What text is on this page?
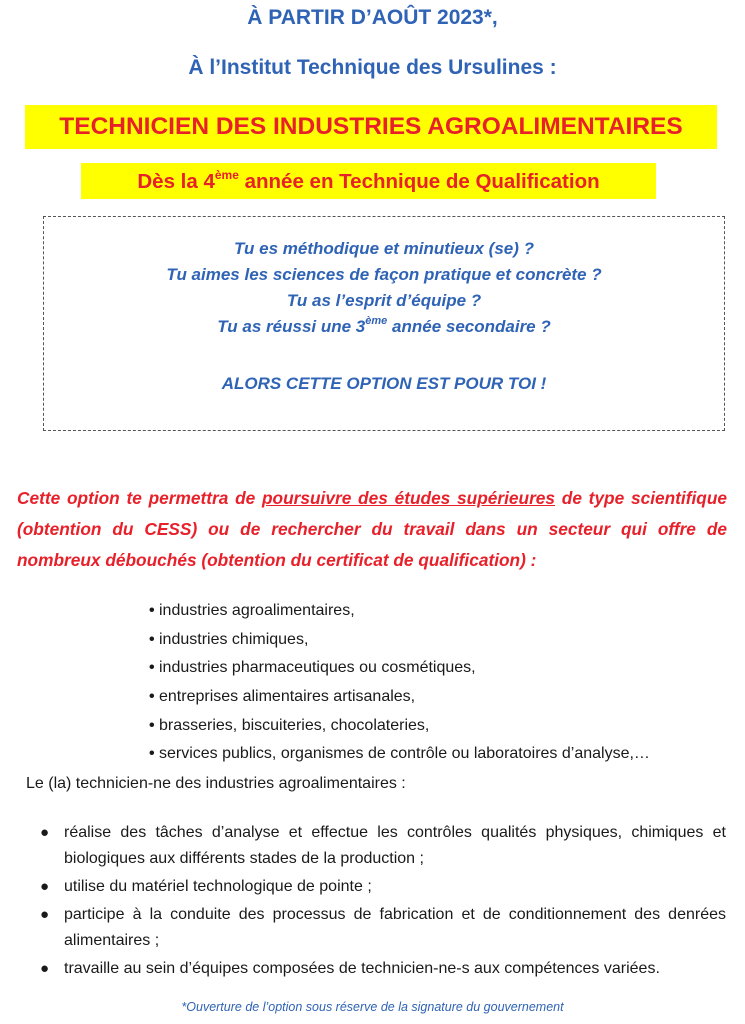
À PARTIR D’AOÛT 2023*,
À l’Institut Technique des Ursulines :
TECHNICIEN DES INDUSTRIES AGROALIMENTAIRES
Dès la 4ème année en Technique de Qualification
Tu es méthodique et minutieux (se) ?
Tu aimes les sciences de façon pratique et concrète ?
Tu as l’esprit d’équipe ?
Tu as réussi une 3ème année secondaire ?
ALORS CETTE OPTION EST POUR TOI !
Cette option te permettra de poursuivre des études supérieures de type scientifique (obtention du CESS) ou de rechercher du travail dans un secteur qui offre de nombreux débouchés (obtention du certificat de qualification) :
• industries agroalimentaires,
• industries chimiques,
• industries pharmaceutiques ou cosmétiques,
• entreprises alimentaires artisanales,
• brasseries, biscuiteries, chocolateries,
• services publics, organismes de contrôle ou laboratoires d’analyse,…
Le (la) technicien-ne des industries agroalimentaires :
● réalise des tâches d’analyse et effectue les contrôles qualités physiques, chimiques et biologiques aux différents stades de la production ;
● utilise du matériel technologique de pointe ;
● participe à la conduite des processus de fabrication et de conditionnement des denrées alimentaires ;
● travaille au sein d’équipes composées de technicien-ne-s aux compétences variées.
*Ouverture de l’option sous réserve de la signature du gouvernement
